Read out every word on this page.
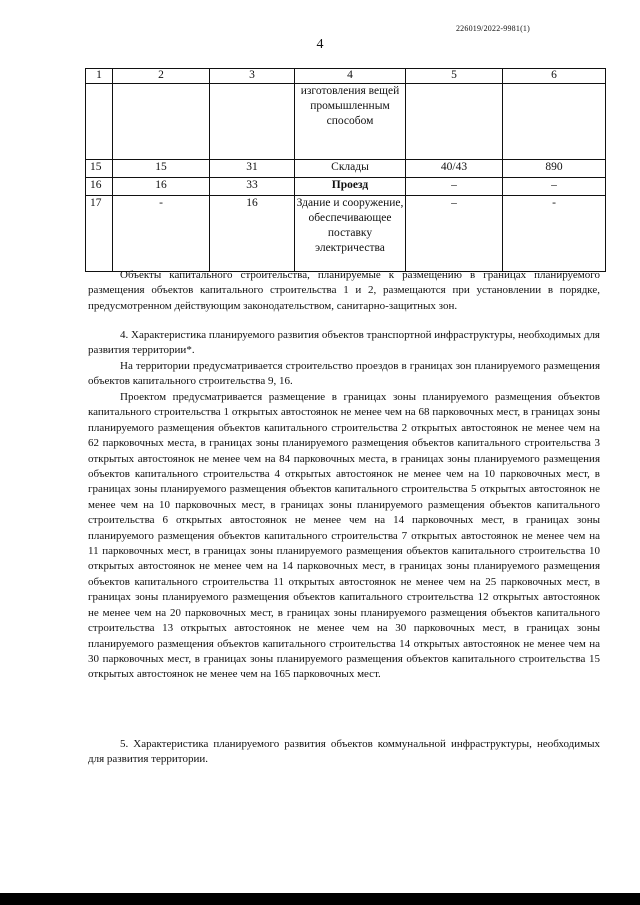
226019/2022-9981(1)
4
1	2	3	4	5	6
			изготовления вещей промышленным способом		
15	15	31	Склады	40/43	890
16	16	33	Проезд	–	–
17	-	16	Здание и сооружение, обеспечивающее поставку электричества	–	-

Объекты капитального строительства, планируемые к размещению в границах планируемого размещения объектов капитального строительства 1 и 2, размещаются при установлении в порядке, предусмотренном действующим законодательством, санитарно-защитных зон.

4. Характеристика планируемого развития объектов транспортной инфраструктуры, необходимых для развития территории*.

На территории предусматривается строительство проездов в границах зон планируемого размещения объектов капитального строительства 9, 16.

Проектом предусматривается размещение в границах зоны планируемого размещения объектов капитального строительства 1 открытых автостоянок не менее чем на 68 парковочных мест, в границах зоны планируемого размещения объектов капитального строительства 2 открытых автостоянок не менее чем на 62 парковочных места, в границах зоны планируемого размещения объектов капитального строительства 3 открытых автостоянок не менее чем на 84 парковочных места, в границах зоны планируемого размещения объектов капитального строительства 4 открытых автостоянок не менее чем на 10 парковочных мест, в границах зоны планируемого размещения объектов капитального строительства 5 открытых автостоянок не менее чем на 10 парковочных мест, в границах зоны планируемого размещения объектов капитального строительства 6 открытых автостоянок не менее чем на 14 парковочных мест, в границах зоны планируемого размещения объектов капитального строительства 7 открытых автостоянок не менее чем на 11 парковочных мест, в границах зоны планируемого размещения объектов капитального строительства 10 открытых автостоянок не менее чем на 14 парковочных мест, в границах зоны планируемого размещения объектов капитального строительства 11 открытых автостоянок не менее чем на 25 парковочных мест, в границах зоны планируемого размещения объектов капитального строительства 12 открытых автостоянок не менее чем на 20 парковочных мест, в границах зоны планируемого размещения объектов капитального строительства 13 открытых автостоянок не менее чем на 30 парковочных мест, в границах зоны планируемого размещения объектов капитального строительства 14 открытых автостоянок не менее чем на 30 парковочных мест, в границах зоны планируемого размещения объектов капитального строительства 15 открытых автостоянок не менее чем на 165 парковочных мест.

5. Характеристика планируемого развития объектов коммунальной инфраструктуры, необходимых для развития территории.
